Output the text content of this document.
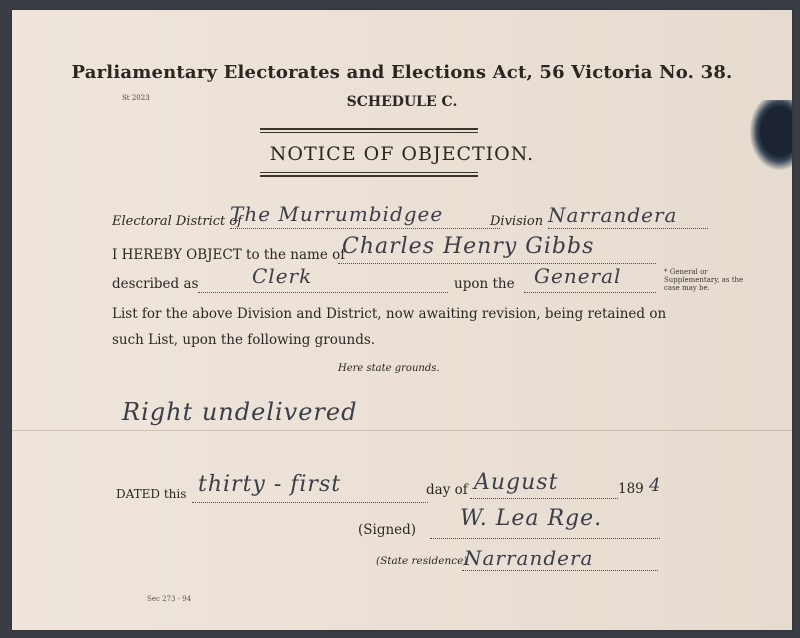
Parliamentary Electorates and Elections Act, 56 Victoria No. 38.
St 2023	SCHEDULE C.
NOTICE OF OBJECTION.
Electoral District of
The Murrumbidgee	Division Narrandera
I HEREBY OBJECT to the name of
Charles Henry Gibbs
described as	Clerk	upon the General	* General or Supplementary, as the case may be.
List for the above Division and District, now awaiting revision, being retained on
such List, upon the following grounds.
Here state grounds.
Right undelivered
DATED this thirty - first	day of August	189 4
(Signed) W. Lea Rge.
(State residence)
Narrandera
Sec 273 - 94
